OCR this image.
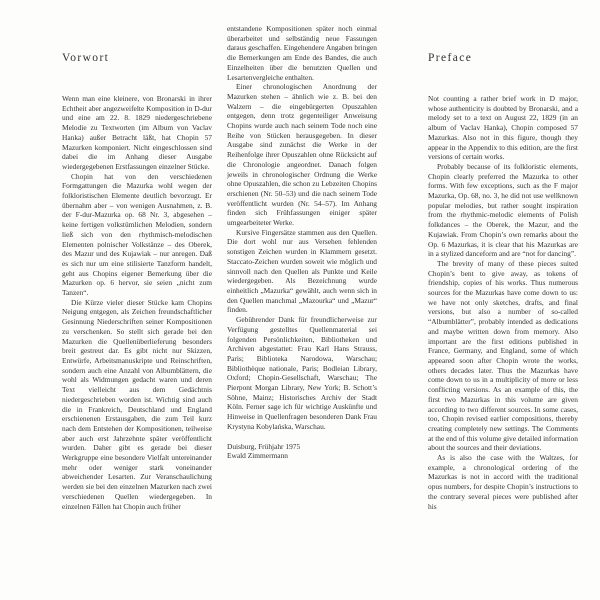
Vorwort

Wenn man eine kleinere, von Bronarski in ihrer Echtheit aber angezweifelte Komposition in D-dur und eine am 22. 8. 1829 niedergeschriebene Melodie zu Textworten (im Album von Vaclav Hanka) außer Betracht läßt, hat Chopin 57 Mazurken komponiert. Nicht eingeschlossen sind dabei die im Anhang dieser Ausgabe wiedergegebenen Erstfassungen einzelner Stücke.

Chopin hat von den verschiedenen Formgattungen die Mazurka wohl wegen der folkloristischen Elemente deutlich bevorzugt. Er übernahm aber – von wenigen Ausnahmen, z. B. der F-dur-Mazurka op. 68 Nr. 3, abgesehen – keine fertigen volkstümlichen Melodien, sondern ließ sich von den rhythmisch-melodischen Elementen polnischer Volkstänze – des Oberek, des Mazur und des Kujawiak – nur anregen. Daß es sich nur um eine stilisierte Tanzform handelt, geht aus Chopins eigener Bemerkung über die Mazurken op. 6 hervor, sie seien „nicht zum Tanzen“.

Die Kürze vieler dieser Stücke kam Chopins Neigung entgegen, als Zeichen freundschaftlicher Gesinnung Niederschriften seiner Kompositionen zu verschenken. So stellt sich gerade bei den Mazurken die Quellenüberlieferung besonders breit gestreut dar. Es gibt nicht nur Skizzen, Entwürfe, Arbeitsmanuskripte und Reinschriften, sondern auch eine Anzahl von Albumblättern, die wohl als Widmungen gedacht waren und deren Text vielleicht aus dem Gedächtnis niedergeschrieben worden ist. Wichtig sind auch die in Frankreich, Deutschland und England erschienenen Erstausgaben, die zum Teil kurz nach dem Entstehen der Kompositionen, teilweise aber auch erst Jahrzehnte später veröffentlicht wurden. Daher gibt es gerade bei dieser Werkgruppe eine besondere Vielfalt untereinander mehr oder weniger stark voneinander abweichender Lesarten. Zur Veranschaulichung werden sie bei den einzelnen Mazurken nach zwei verschiedenen Quellen wiedergegeben. In einzelnen Fällen hat Chopin auch früher

entstandene Kompositionen später noch einmal überarbeitet und selbständig neue Fassungen daraus geschaffen. Eingehendere Angaben bringen die Bemerkungen am Ende des Bandes, die auch Einzelheiten über die benutzten Quellen und Lesartenvergleiche enthalten.

Einer chronologischen Anordnung der Mazurken stehen – ähnlich wie z. B. bei den Walzern – die eingebürgerten Opuszahlen entgegen, denn trotz gegenteiliger Anweisung Chopins wurde auch nach seinem Tode noch eine Reihe von Stücken herausgegeben. In dieser Ausgabe sind zunächst die Werke in der Reihenfolge ihrer Opuszahlen ohne Rücksicht auf die Chronologie angeordnet. Danach folgen jeweils in chronologischer Ordnung die Werke ohne Opuszahlen, die schon zu Lebzeiten Chopins erschienen (Nr. 50–53) und die nach seinem Tode veröffentlicht wurden (Nr. 54–57). Im Anhang finden sich Frühfassungen einiger später umgearbeiteter Werke.

Kursive Fingersätze stammen aus den Quellen. Die dort wohl nur aus Versehen fehlenden sonstigen Zeichen wurden in Klammern gesetzt. Staccato-Zeichen wurden soweit wie möglich und sinnvoll nach den Quellen als Punkte und Keile wiedergegeben. Als Bezeichnung wurde einheitlich „Mazurka“ gewählt, auch wenn sich in den Quellen manchmal „Mazourka“ und „Mazur“ finden.

Gebührender Dank für freundlicherweise zur Verfügung gestelltes Quellenmaterial sei folgenden Persönlichkeiten, Bibliotheken und Archiven abgestattet: Frau Karl Hans Strauss, Paris; Biblioteka Narodowa, Warschau; Bibliothèque nationale, Paris; Bodleian Library, Oxford; Chopin-Gesellschaft, Warschau; The Pierpont Morgan Library, New York; B. Schott’s Söhne, Mainz; Historisches Archiv der Stadt Köln. Ferner sage ich für wichtige Auskünfte und Hinweise in Quellenfragen besonderen Dank Frau Krystyna Kobylańska, Warschau.

Duisburg, Frühjahr 1975
Ewald Zimmermann
Preface

Not counting a rather brief work in D major, whose authenticity is doubted by Bronarski, and a melody set to a text on August 22, 1829 (in an album of Vaclav Hanka), Chopin composed 57 Mazurkas. Also not in this figure, though they appear in the Appendix to this edition, are the first versions of certain works.

Probably because of its folkloristic elements, Chopin clearly preferred the Mazurka to other forms. With few exceptions, such as the F major Mazurka, Op. 68, no. 3, he did not use wellknown popular melodies, but rather sought inspiration from the rhythmic-melodic elements of Polish folkdances – the Oberek, the Mazur, and the Kujawiak. From Chopin’s own remarks about the Op. 6 Mazurkas, it is clear that his Mazurkas are in a stylized danceform and are “not for dancing”.

The brevity of many of these pieces suited Chopin’s bent to give away, as tokens of friendship, copies of his works. Thus numerous sources for the Mazurkas have come down to us: we have not only sketches, drafts, and final versions, but also a number of so-called “Albumblätter”, probably intended as dedications and maybe written down from memory. Also important are the first editions published in France, Germany, and England, some of which appeared soon after Chopin wrote the works, others decades later. Thus the Mazurkas have come down to us in a multiplicity of more or less conflicting versions. As an example of this, the first two Mazurkas in this volume are given according to two different sources. In some cases, too, Chopin revised earlier compositions, thereby creating completely new settings. The Comments at the end of this volume give detailed information about the sources and their deviations.

As is also the case with the Waltzes, for example, a chronological ordering of the Mazurkas is not in accord with the traditional opus numbers, for despite Chopin’s instructions to the contrary several pieces were published after his
